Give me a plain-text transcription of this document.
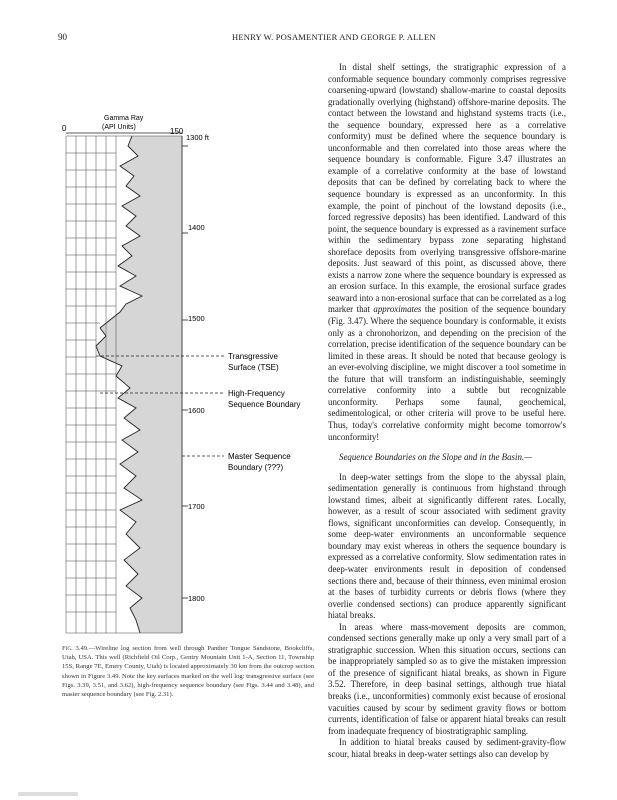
90	HENRY W. POSAMENTIER AND GEORGE P. ALLEN
Gamma Ray
(API Units)
0	150
1300 ft
1400
1500
1600
1700
1800
Transgressive
Surface (TSE)
High-Frequency
Sequence Boundary
Master Sequence
Boundary (???)
Fig. 3.49.—Wireline log section from well through Panther Tongue Sandstone, Bookcliffs, Utah, USA. This well (Richfield Oil Corp., Gentry Mountain Unit 1-A, Section 11, Township 15S, Range 7E, Emery County, Utah) is located approximately 30 km from the outcrop section shown in Figure 3.49. Note the key surfaces marked on the well log: transgressive surface (see Figs. 3.39, 3.51, and 3.62), high-frequency sequence boundary (see Figs. 3.44 and 3.48), and master sequence boundary (see Fig. 2.31).

In distal shelf settings, the stratigraphic expression of a conformable sequence boundary commonly comprises regressive coarsening-upward (lowstand) shallow-marine to coastal deposits gradationally overlying (highstand) offshore-marine deposits. The contact between the lowstand and highstand systems tracts (i.e., the sequence boundary, expressed here as a correlative conformity) must be defined where the sequence boundary is unconformable and then correlated into those areas where the sequence boundary is conformable. Figure 3.47 illustrates an example of a correlative conformity at the base of lowstand deposits that can be defined by correlating back to where the sequence boundary is expressed as an unconformity. In this example, the point of pinchout of the lowstand deposits (i.e., forced regressive deposits) has been identified. Landward of this point, the sequence boundary is expressed as a ravinement surface within the sedimentary bypass zone separating highstand shoreface deposits from overlying transgressive offshore-marine deposits. Just seaward of this point, as discussed above, there exists a narrow zone where the sequence boundary is expressed as an erosion surface. In this example, the erosional surface grades seaward into a non-erosional surface that can be correlated as a log marker that approximates the position of the sequence boundary (Fig. 3.47). Where the sequence boundary is conformable, it exists only as a chronohorizon, and depending on the precision of the correlation, precise identification of the sequence boundary can be limited in these areas. It should be noted that because geology is an ever-evolving discipline, we might discover a tool sometime in the future that will transform an indistinguishable, seemingly correlative conformity into a subtle but recognizable unconformity. Perhaps some faunal, geochemical, sedimentological, or other criteria will prove to be useful here. Thus, today's correlative conformity might become tomorrow's unconformity!

Sequence Boundaries on the Slope and in the Basin.—

In deep-water settings from the slope to the abyssal plain, sedimentation generally is continuous from highstand through lowstand times, albeit at significantly different rates. Locally, however, as a result of scour associated with sediment gravity flows, significant unconformities can develop. Consequently, in some deep-water environments an unconformable sequence boundary may exist whereas in others the sequence boundary is expressed as a correlative conformity. Slow sedimentation rates in deep-water environments result in deposition of condensed sections there and, because of their thinness, even minimal erosion at the bases of turbidity currents or debris flows (where they overlie condensed sections) can produce apparently significant hiatal breaks.

In areas where mass-movement deposits are common, condensed sections generally make up only a very small part of a stratigraphic succession. When this situation occurs, sections can be inappropriately sampled so as to give the mistaken impression of the presence of significant hiatal breaks, as shown in Figure 3.52. Therefore, in deep basinal settings, although true hiatal breaks (i.e., unconformities) commonly exist because of erosional vacuities caused by scour by sediment gravity flows or bottom currents, identification of false or apparent hiatal breaks can result from inadequate frequency of biostratigraphic sampling.

In addition to hiatal breaks caused by sediment-gravity-flow scour, hiatal breaks in deep-water settings also can develop by
